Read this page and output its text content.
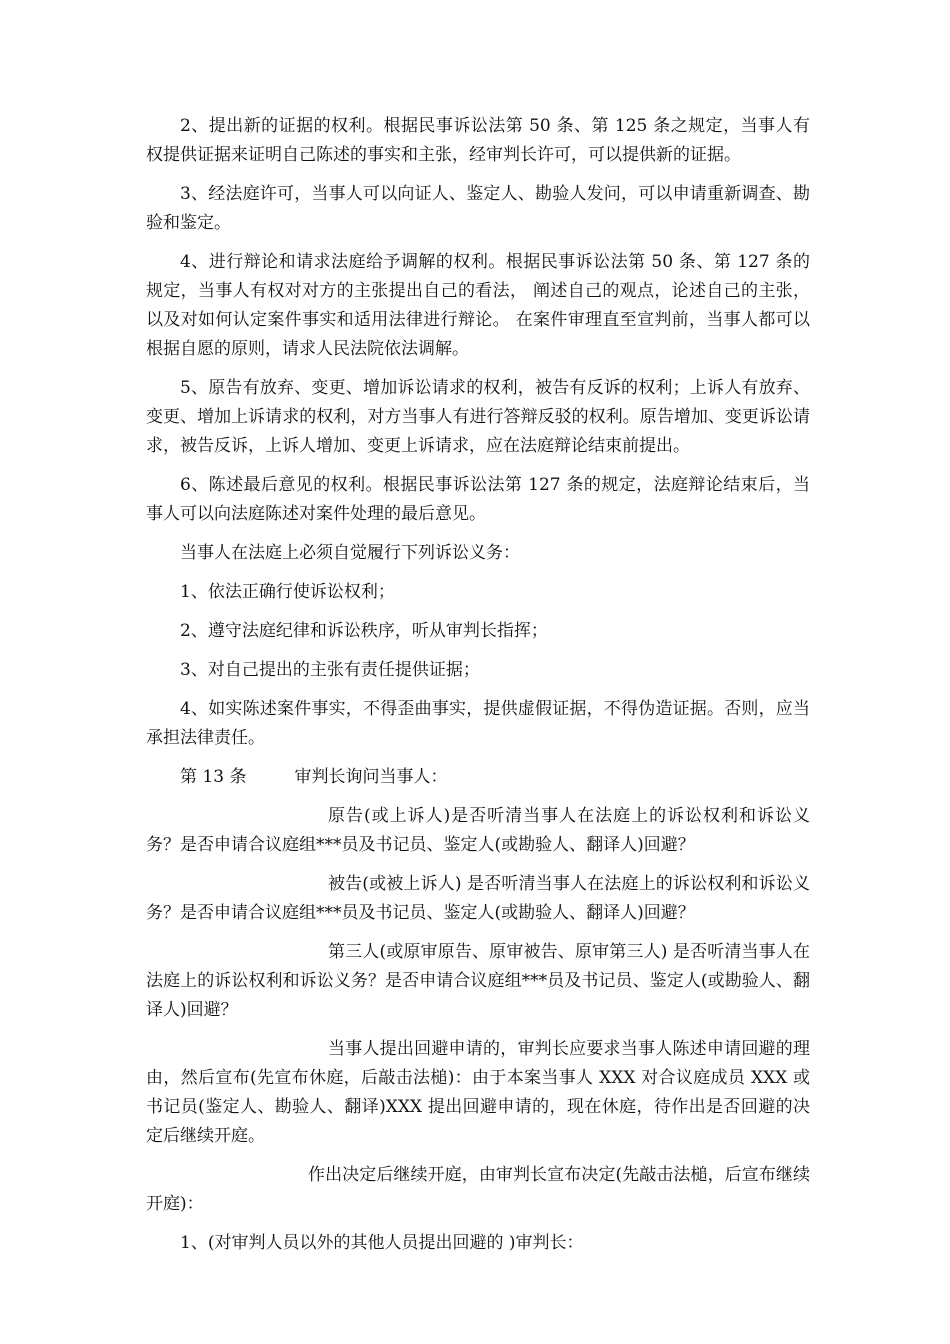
2、提出新的证据的权利。根据民事诉讼法第 50 条、第 125 条之规定，当事人有权提供证据来证明自己陈述的事实和主张，经审判长许可，可以提供新的证据。

3、经法庭许可，当事人可以向证人、鉴定人、勘验人发问，可以申请重新调查、勘验和鉴定。

4、进行辩论和请求法庭给予调解的权利。根据民事诉讼法第 50 条、第 127 条的规定，当事人有权对对方的主张提出自己的看法， 阐述自己的观点，论述自己的主张，以及对如何认定案件事实和适用法律进行辩论。 在案件审理直至宣判前，当事人都可以根据自愿的原则，请求人民法院依法调解。

5、原告有放弃、变更、增加诉讼请求的权利，被告有反诉的权利；上诉人有放弃、变更、增加上诉请求的权利，对方当事人有进行答辩反驳的权利。原告增加、变更诉讼请求，被告反诉，上诉人增加、变更上诉请求，应在法庭辩论结束前提出。

6、陈述最后意见的权利。根据民事诉讼法第 127 条的规定，法庭辩论结束后，当事人可以向法庭陈述对案件处理的最后意见。

当事人在法庭上必须自觉履行下列诉讼义务：

1、依法正确行使诉讼权利；

2、遵守法庭纪律和诉讼秩序，听从审判长指挥；

3、对自己提出的主张有责任提供证据；

4、如实陈述案件事实，不得歪曲事实，提供虚假证据，不得伪造证据。否则，应当承担法律责任。

第 13 条	审判长询问当事人：

原告(或上诉人)是否听清当事人在法庭上的诉讼权利和诉讼义务？是否申请合议庭组***员及书记员、鉴定人(或勘验人、翻译人)回避？

被告(或被上诉人) 是否听清当事人在法庭上的诉讼权利和诉讼义务？是否申请合议庭组***员及书记员、鉴定人(或勘验人、翻译人)回避？

第三人(或原审原告、原审被告、原审第三人) 是否听清当事人在法庭上的诉讼权利和诉讼义务？是否申请合议庭组***员及书记员、鉴定人(或勘验人、翻译人)回避？

当事人提出回避申请的，审判长应要求当事人陈述申请回避的理由，然后宣布(先宣布休庭，后敲击法槌)：由于本案当事人 XXX 对合议庭成员 XXX 或书记员(鉴定人、勘验人、翻译)XXX 提出回避申请的，现在休庭，待作出是否回避的决定后继续开庭。

作出决定后继续开庭，由审判长宣布决定(先敲击法槌，后宣布继续开庭)：

1、(对审判人员以外的其他人员提出回避的 )审判长：
